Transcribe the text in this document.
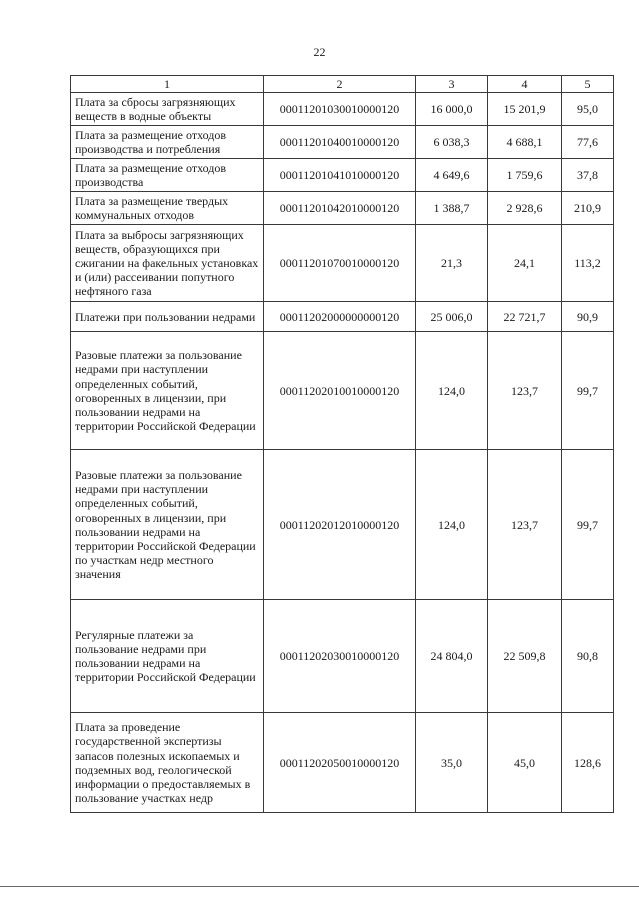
22
1	2	3	4	5
Плата за сбросы загрязняющих веществ в водные объекты	00011201030010000120	16 000,0	15 201,9	95,0
Плата за размещение отходов производства и потребления	00011201040010000120	6 038,3	4 688,1	77,6
Плата за размещение отходов производства	00011201041010000120	4 649,6	1 759,6	37,8
Плата за размещение твердых коммунальных отходов	00011201042010000120	1 388,7	2 928,6	210,9
Плата за выбросы загрязняющих веществ, образующихся при сжигании на факельных установках и (или) рассеивании попутного нефтяного газа	00011201070010000120	21,3	24,1	113,2
Платежи при пользовании недрами	00011202000000000120	25 006,0	22 721,7	90,9
Разовые платежи за пользование недрами при наступлении определенных событий, оговоренных в лицензии, при пользовании недрами на территории Российской Федерации	00011202010010000120	124,0	123,7	99,7
Разовые платежи за пользование недрами при наступлении определенных событий, оговоренных в лицензии, при пользовании недрами на территории Российской Федерации по участкам недр местного значения	00011202012010000120	124,0	123,7	99,7
Регулярные платежи за пользование недрами при пользовании недрами на территории Российской Федерации	00011202030010000120	24 804,0	22 509,8	90,8
Плата за проведение государственной экспертизы запасов полезных ископаемых и подземных вод, геологической информации о предоставляемых в пользование участках недр	00011202050010000120	35,0	45,0	128,6
